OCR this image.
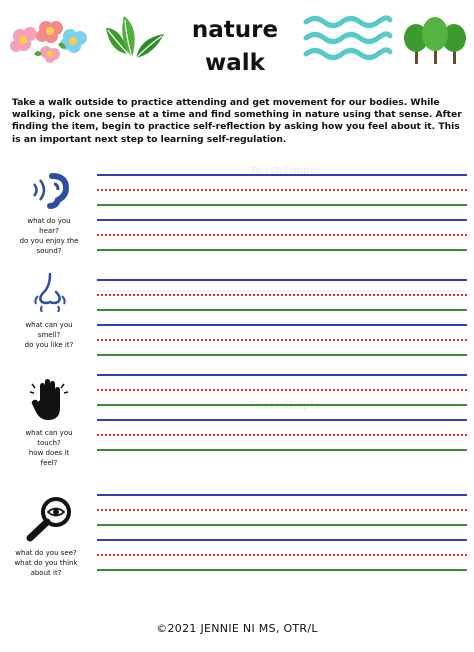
TeachSimple
TeachSimple
nature
walk
Take a walk outside to practice attending and get movement for our bodies. While walking, pick one sense at a time and find something in nature using that sense. After finding the item, begin to practice self-reflection by asking how you feel about it. This is an important next step to learning self-regulation.
what do you
hear?
do you enjoy the
sound?
what can you
smell?
do you like it?
what can you
touch?
how does it
feel?
what do you see?
what do you think
about it?
©2021 JENNIE NI MS, OTR/L
